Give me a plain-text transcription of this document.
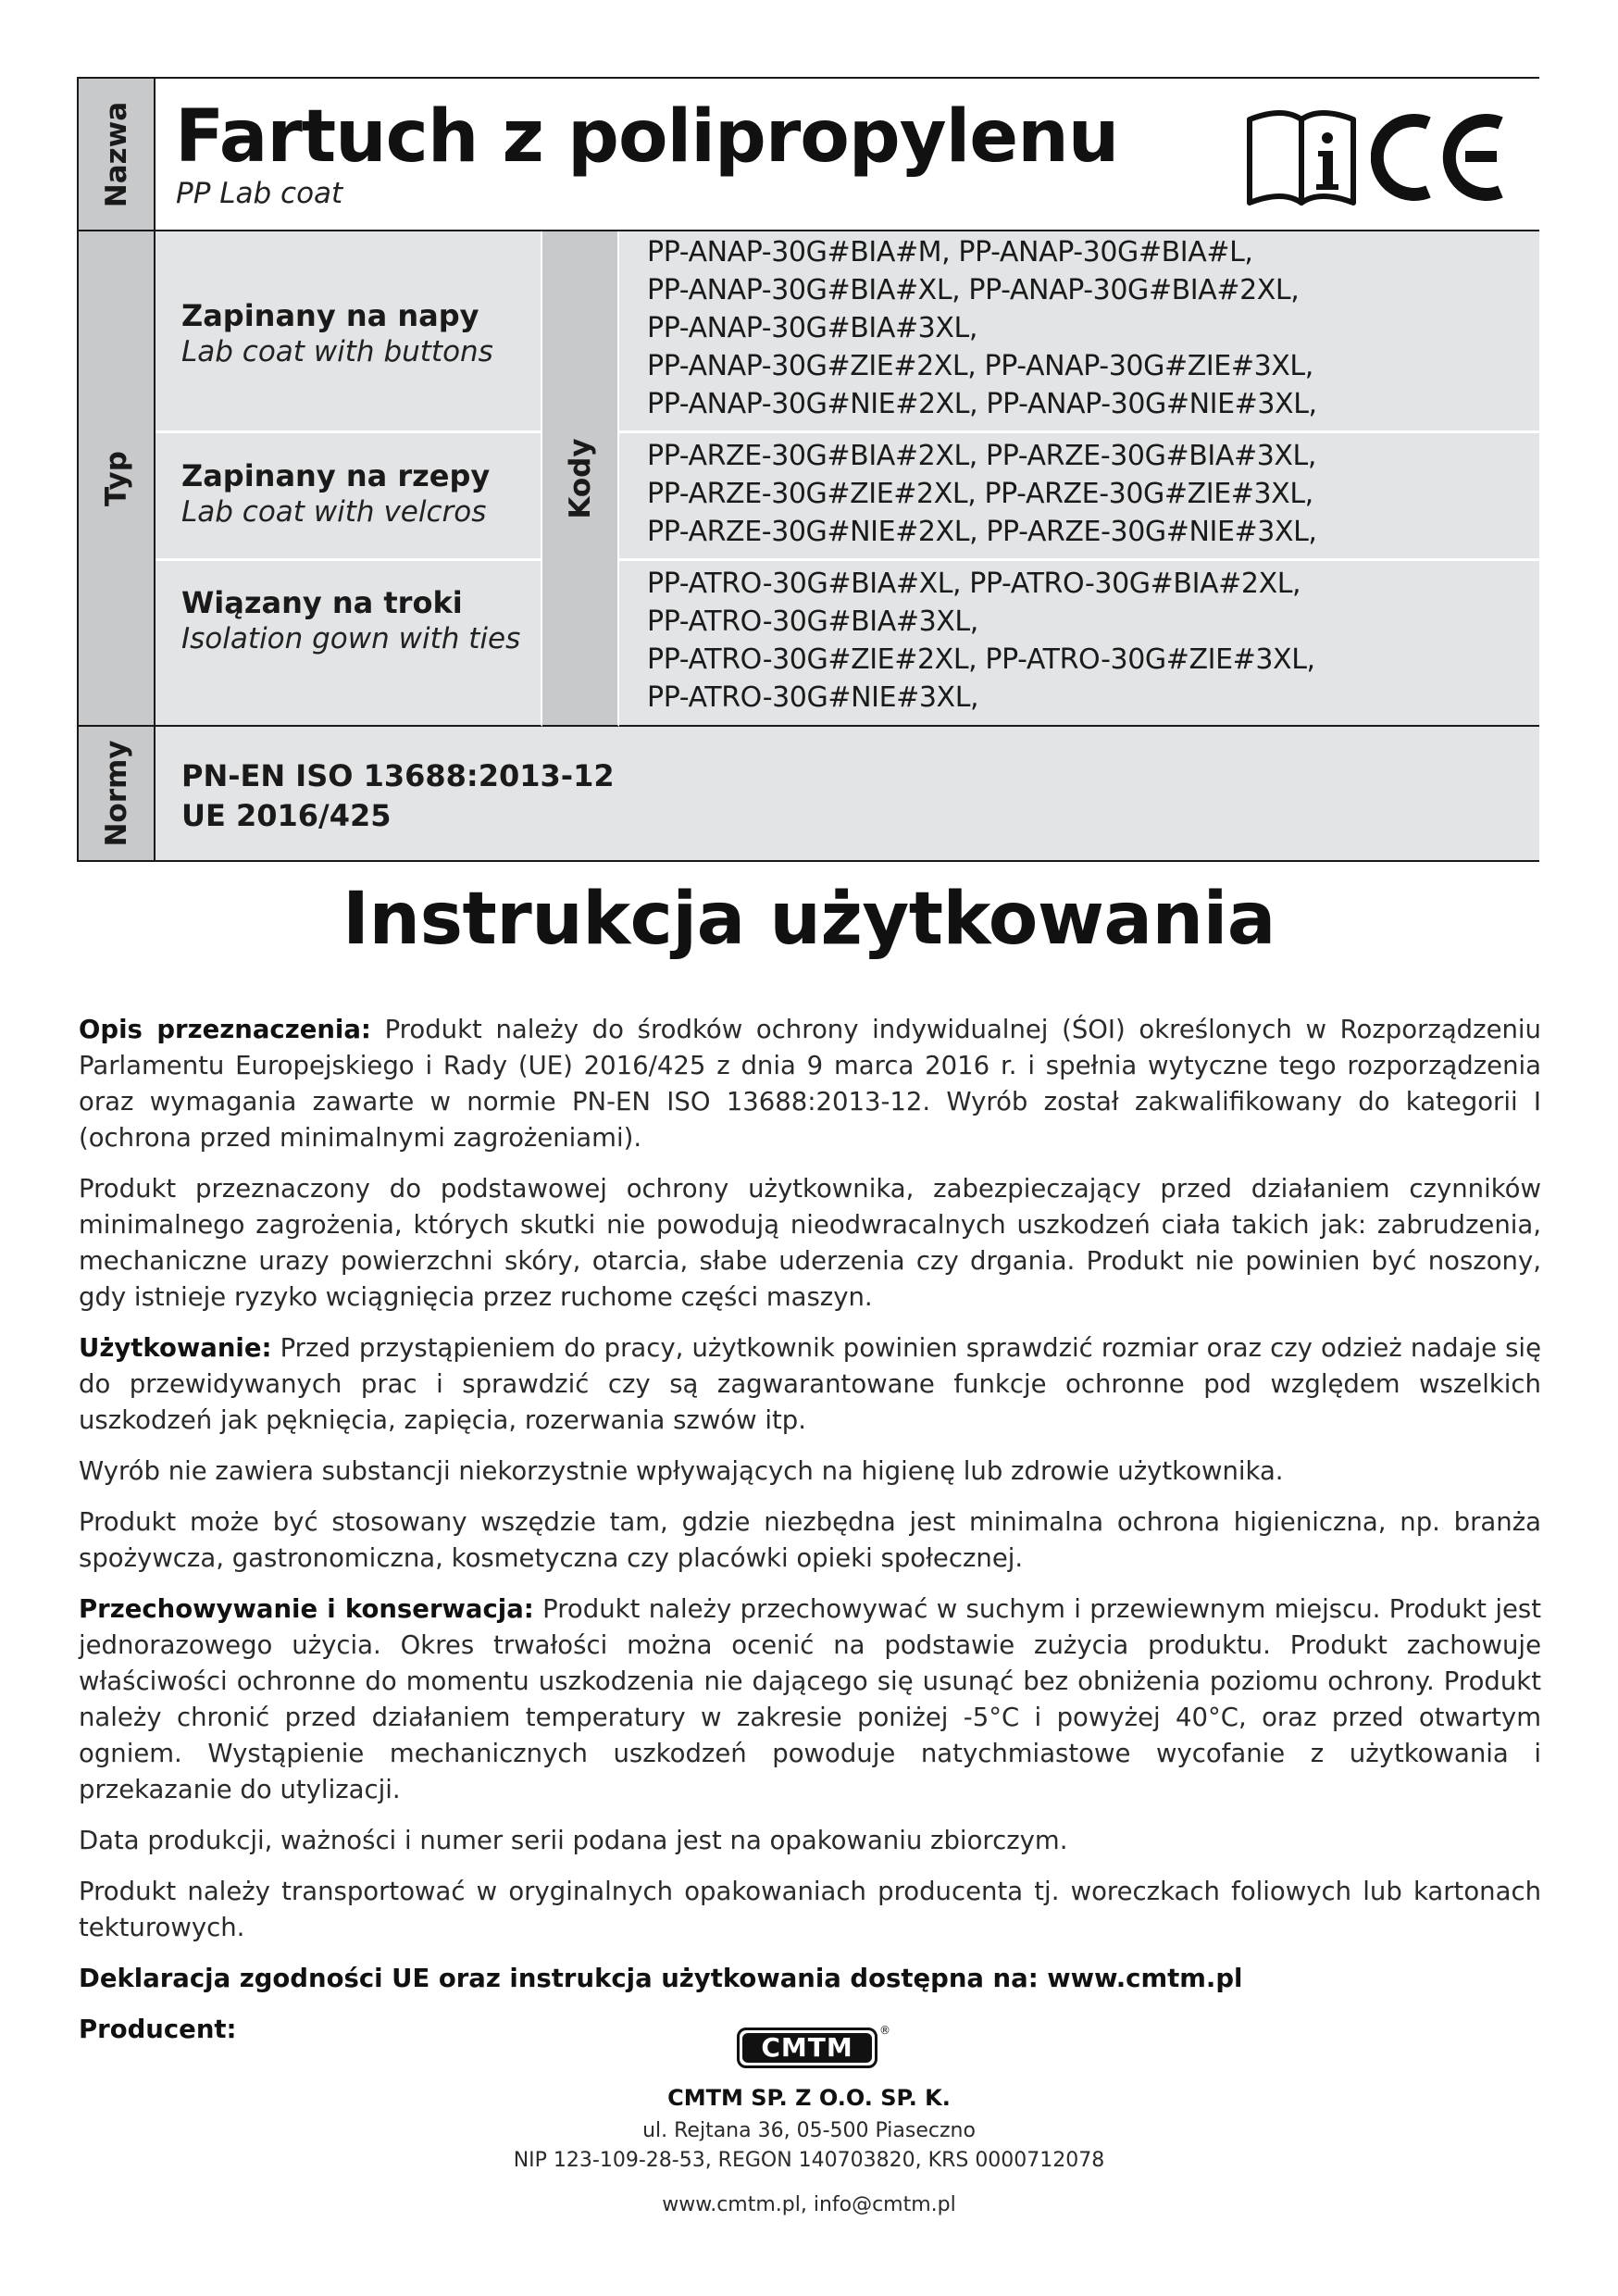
Nazwa Fartuch z polipropylenu
PP Lab coat
Typ
Zapinany na napy
Lab coat with buttons
Zapinany na rzepy
Lab coat with velcros
Wiązany na troki
Isolation gown with ties
Kody
PP-ANAP-30G#BIA#M, PP-ANAP-30G#BIA#L,
PP-ANAP-30G#BIA#XL, PP-ANAP-30G#BIA#2XL,
PP-ANAP-30G#BIA#3XL,
PP-ANAP-30G#ZIE#2XL, PP-ANAP-30G#ZIE#3XL,
PP-ANAP-30G#NIE#2XL, PP-ANAP-30G#NIE#3XL,
PP-ARZE-30G#BIA#2XL, PP-ARZE-30G#BIA#3XL,
PP-ARZE-30G#ZIE#2XL, PP-ARZE-30G#ZIE#3XL,
PP-ARZE-30G#NIE#2XL, PP-ARZE-30G#NIE#3XL,
PP-ATRO-30G#BIA#XL, PP-ATRO-30G#BIA#2XL,
PP-ATRO-30G#BIA#3XL,
PP-ATRO-30G#ZIE#2XL, PP-ATRO-30G#ZIE#3XL,
PP-ATRO-30G#NIE#3XL,
Normy PN-EN ISO 13688:2013-12
UE 2016/425
Instrukcja użytkowania

Opis przeznaczenia: Produkt należy do środków ochrony indywidualnej (ŚOI) określonych w Rozporządzeniu Parlamentu Europejskiego i Rady (UE) 2016/425 z dnia 9 marca 2016 r. i spełnia wytyczne tego rozporządzenia oraz wymagania zawarte w normie PN-EN ISO 13688:2013-12. Wyrób został zakwalifikowany do kategorii I (ochrona przed minimalnymi zagrożeniami).

Produkt przeznaczony do podstawowej ochrony użytkownika, zabezpieczający przed działaniem czynników minimalnego zagrożenia, których skutki nie powodują nieodwracalnych uszkodzeń ciała takich jak: zabrudzenia, mechaniczne urazy powierzchni skóry, otarcia, słabe uderzenia czy drgania. Produkt nie powinien być noszony, gdy istnieje ryzyko wciągnięcia przez ruchome części maszyn.

Użytkowanie: Przed przystąpieniem do pracy, użytkownik powinien sprawdzić rozmiar oraz czy odzież nadaje się do przewidywanych prac i sprawdzić czy są zagwarantowane funkcje ochronne pod względem wszelkich uszkodzeń jak pęknięcia, zapięcia, rozerwania szwów itp.

Wyrób nie zawiera substancji niekorzystnie wpływających na higienę lub zdrowie użytkownika.

Produkt może być stosowany wszędzie tam, gdzie niezbędna jest minimalna ochrona higieniczna, np. branża spożywcza, gastronomiczna, kosmetyczna czy placówki opieki społecznej.

Przechowywanie i konserwacja: Produkt należy przechowywać w suchym i przewiewnym miejscu. Produkt jest jednorazowego użycia. Okres trwałości można ocenić na podstawie zużycia produktu. Produkt zachowuje właściwości ochronne do momentu uszkodzenia nie dającego się usunąć bez obniżenia poziomu ochrony. Produkt należy chronić przed działaniem temperatury w zakresie poniżej -5°C i powyżej 40°C, oraz przed otwartym ogniem. Wystąpienie mechanicznych uszkodzeń powoduje natychmiastowe wycofanie z użytkowania i przekazanie do utylizacji.

Data produkcji, ważności i numer serii podana jest na opakowaniu zbiorczym.

Produkt należy transportować w oryginalnych opakowaniach producenta tj. woreczkach foliowych lub kartonach tekturowych.

Deklaracja zgodności UE oraz instrukcja użytkowania dostępna na: www.cmtm.pl

Producent:

CMTM
®
CMTM SP. Z O.O. SP. K.
ul. Rejtana 36, 05-500 Piaseczno
NIP 123-109-28-53, REGON 140703820, KRS 0000712078
www.cmtm.pl, info@cmtm.pl
